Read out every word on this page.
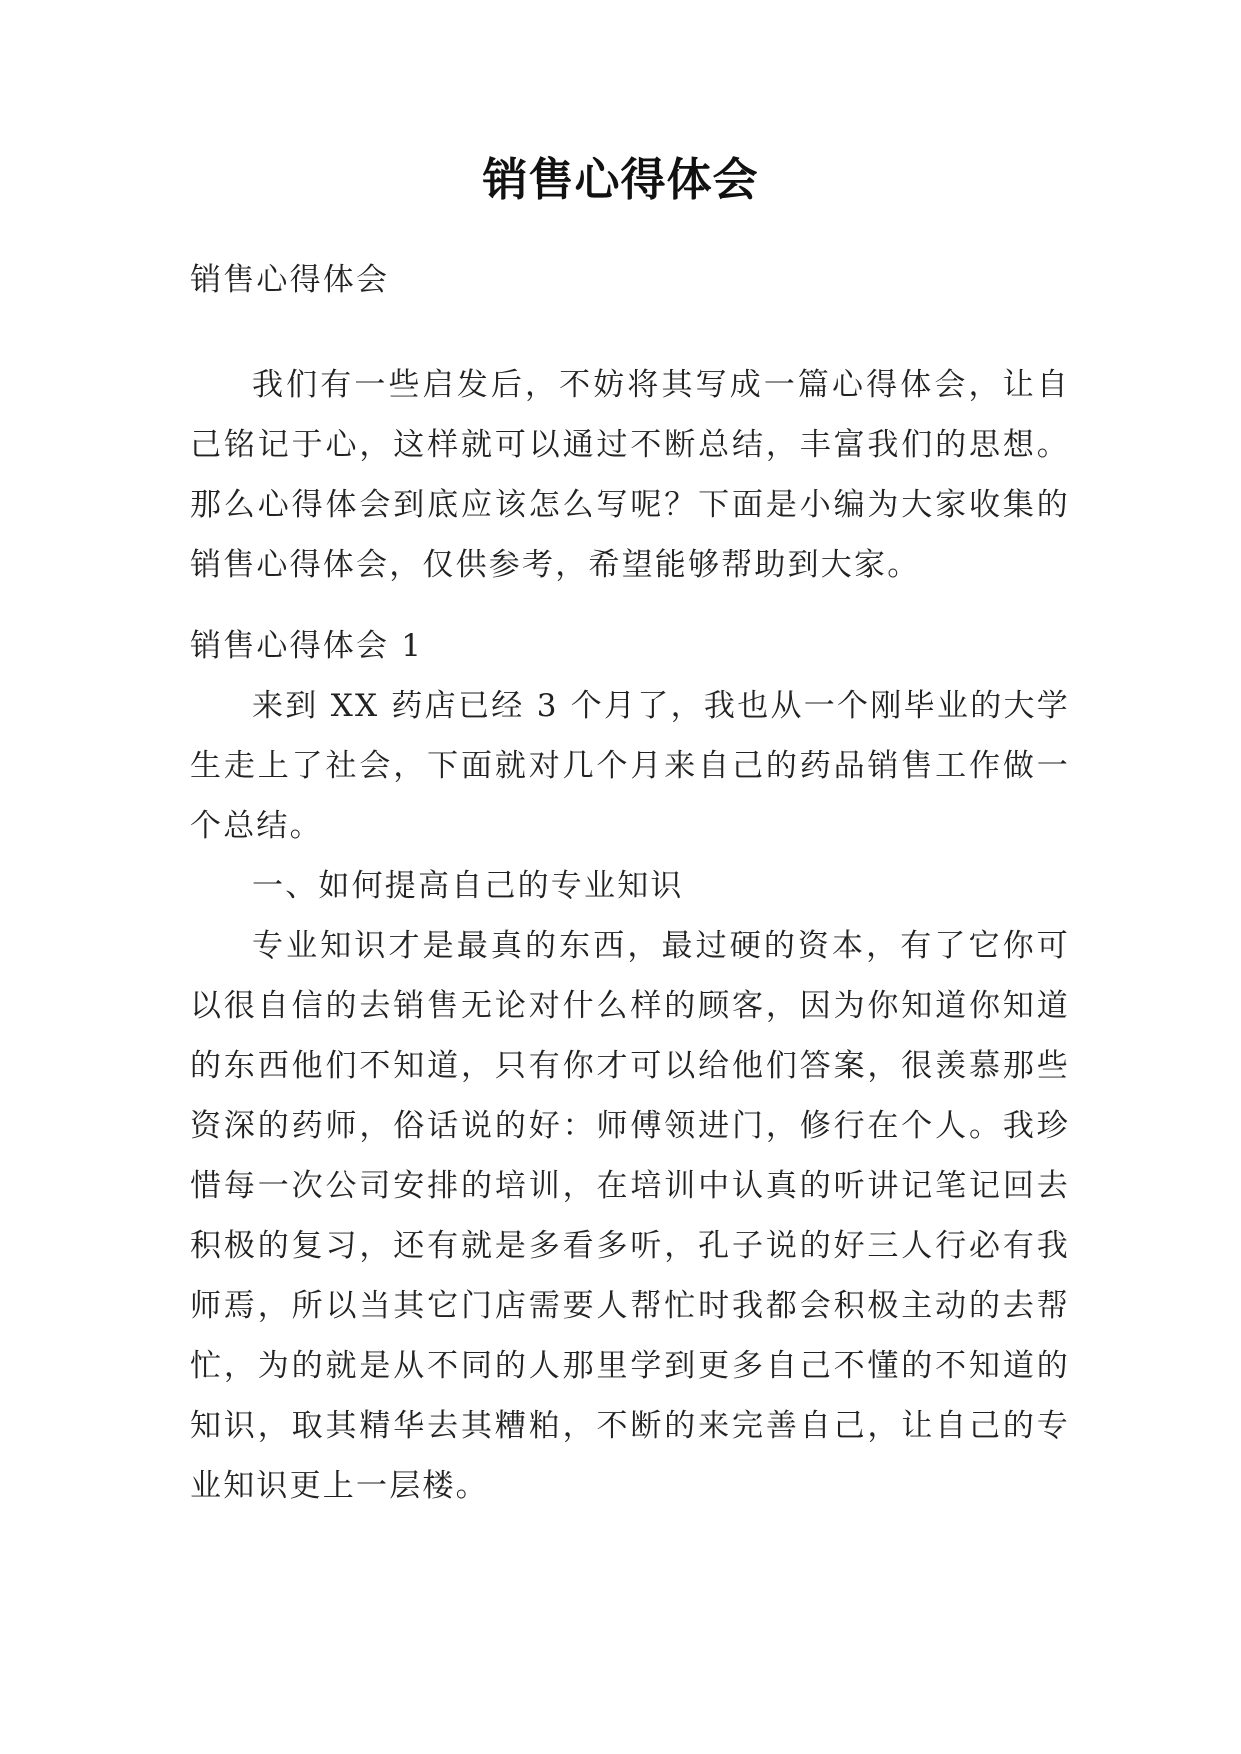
销售心得体会

销售心得体会

我们有一些启发后，不妨将其写成一篇心得体会，让自己铭记于心，这样就可以通过不断总结，丰富我们的思想。那么心得体会到底应该怎么写呢？下面是小编为大家收集的销售心得体会，仅供参考，希望能够帮助到大家。

销售心得体会 1

来到 XX 药店已经 3 个月了，我也从一个刚毕业的大学生走上了社会，下面就对几个月来自己的药品销售工作做一个总结。

一、如何提高自己的专业知识

专业知识才是最真的东西，最过硬的资本，有了它你可以很自信的去销售无论对什么样的顾客，因为你知道你知道的东西他们不知道，只有你才可以给他们答案，很羡慕那些资深的药师，俗话说的好：师傅领进门，修行在个人。我珍惜每一次公司安排的培训，在培训中认真的听讲记笔记回去积极的复习，还有就是多看多听，孔子说的好三人行必有我师焉，所以当其它门店需要人帮忙时我都会积极主动的去帮忙，为的就是从不同的人那里学到更多自己不懂的不知道的知识，取其精华去其糟粕，不断的来完善自己，让自己的专业知识更上一层楼。
